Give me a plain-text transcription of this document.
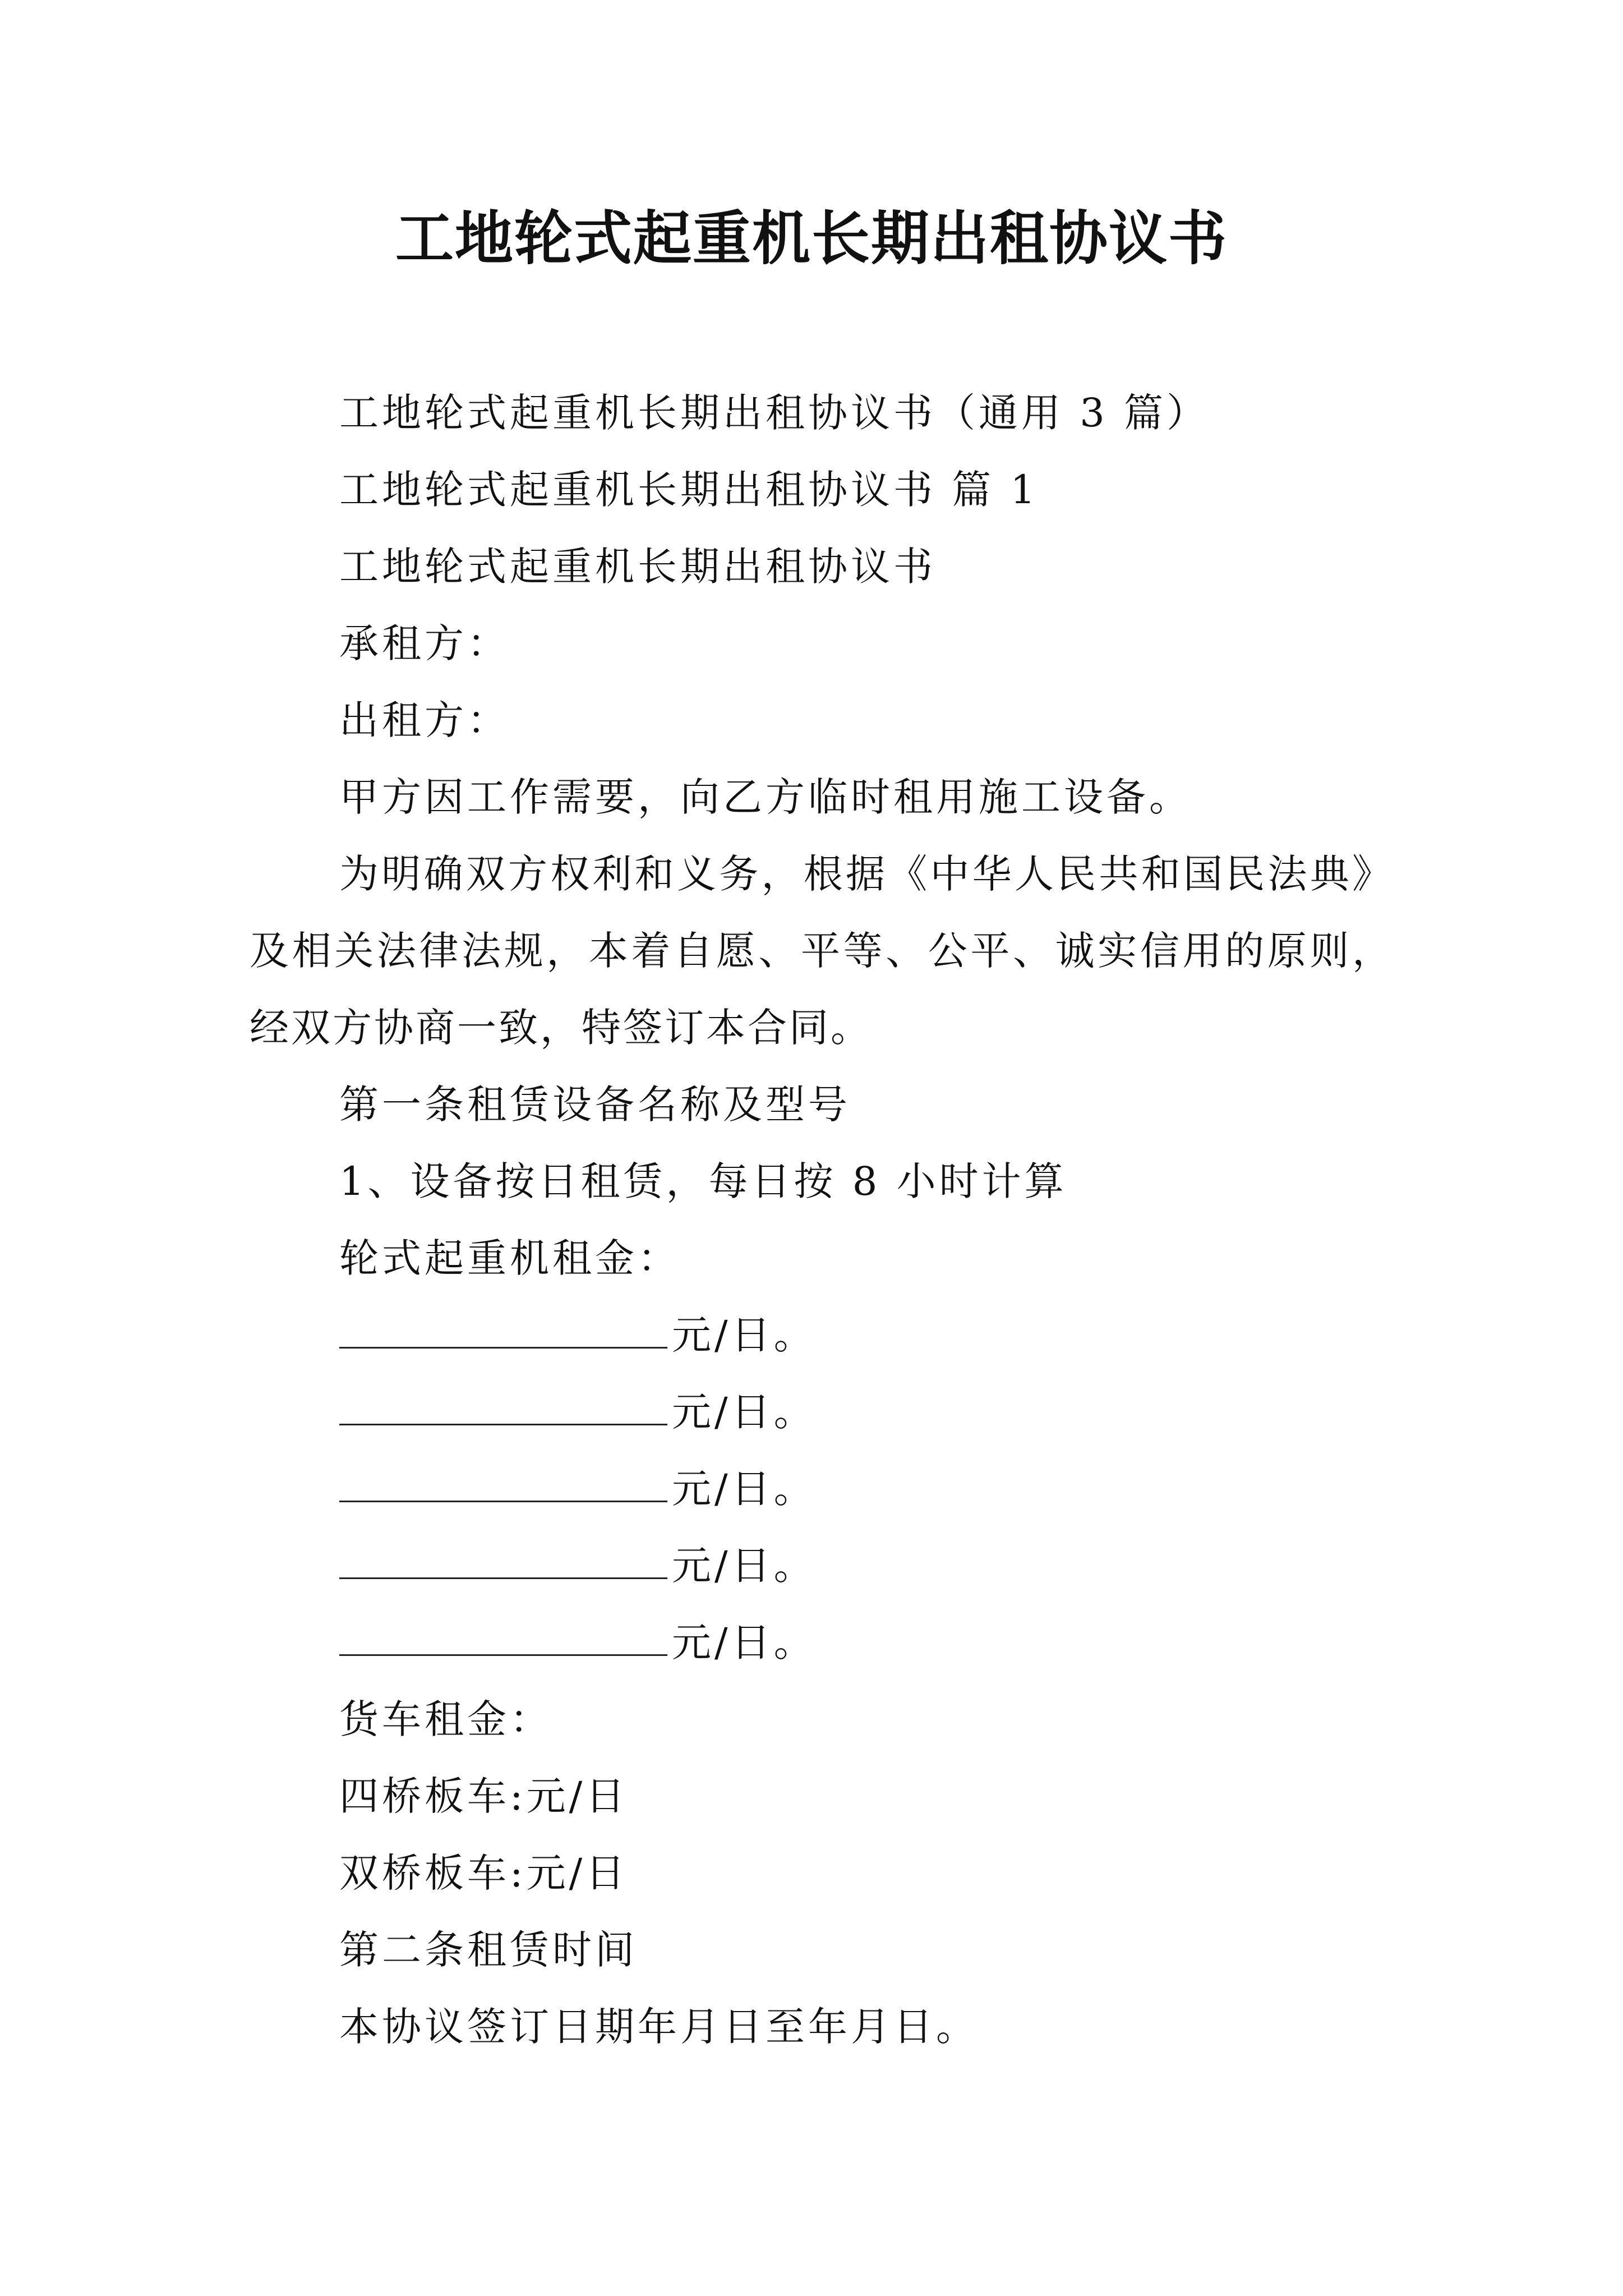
工地轮式起重机长期出租协议书

工地轮式起重机长期出租协议书（通用 3 篇）

工地轮式起重机长期出租协议书 篇 1

工地轮式起重机长期出租协议书

承租方：

出租方：

甲方因工作需要，向乙方临时租用施工设备。

为明确双方权利和义务，根据《中华人民共和国民法典》及相关法律法规，本着自愿、平等、公平、诚实信用的原则，经双方协商一致，特签订本合同。

第一条租赁设备名称及型号

1、设备按日租赁，每日按 8 小时计算

轮式起重机租金：

元/日。

元/日。

元/日。

元/日。

元/日。

货车租金：

四桥板车:元/日

双桥板车:元/日

第二条租赁时间

本协议签订日期年月日至年月日。
